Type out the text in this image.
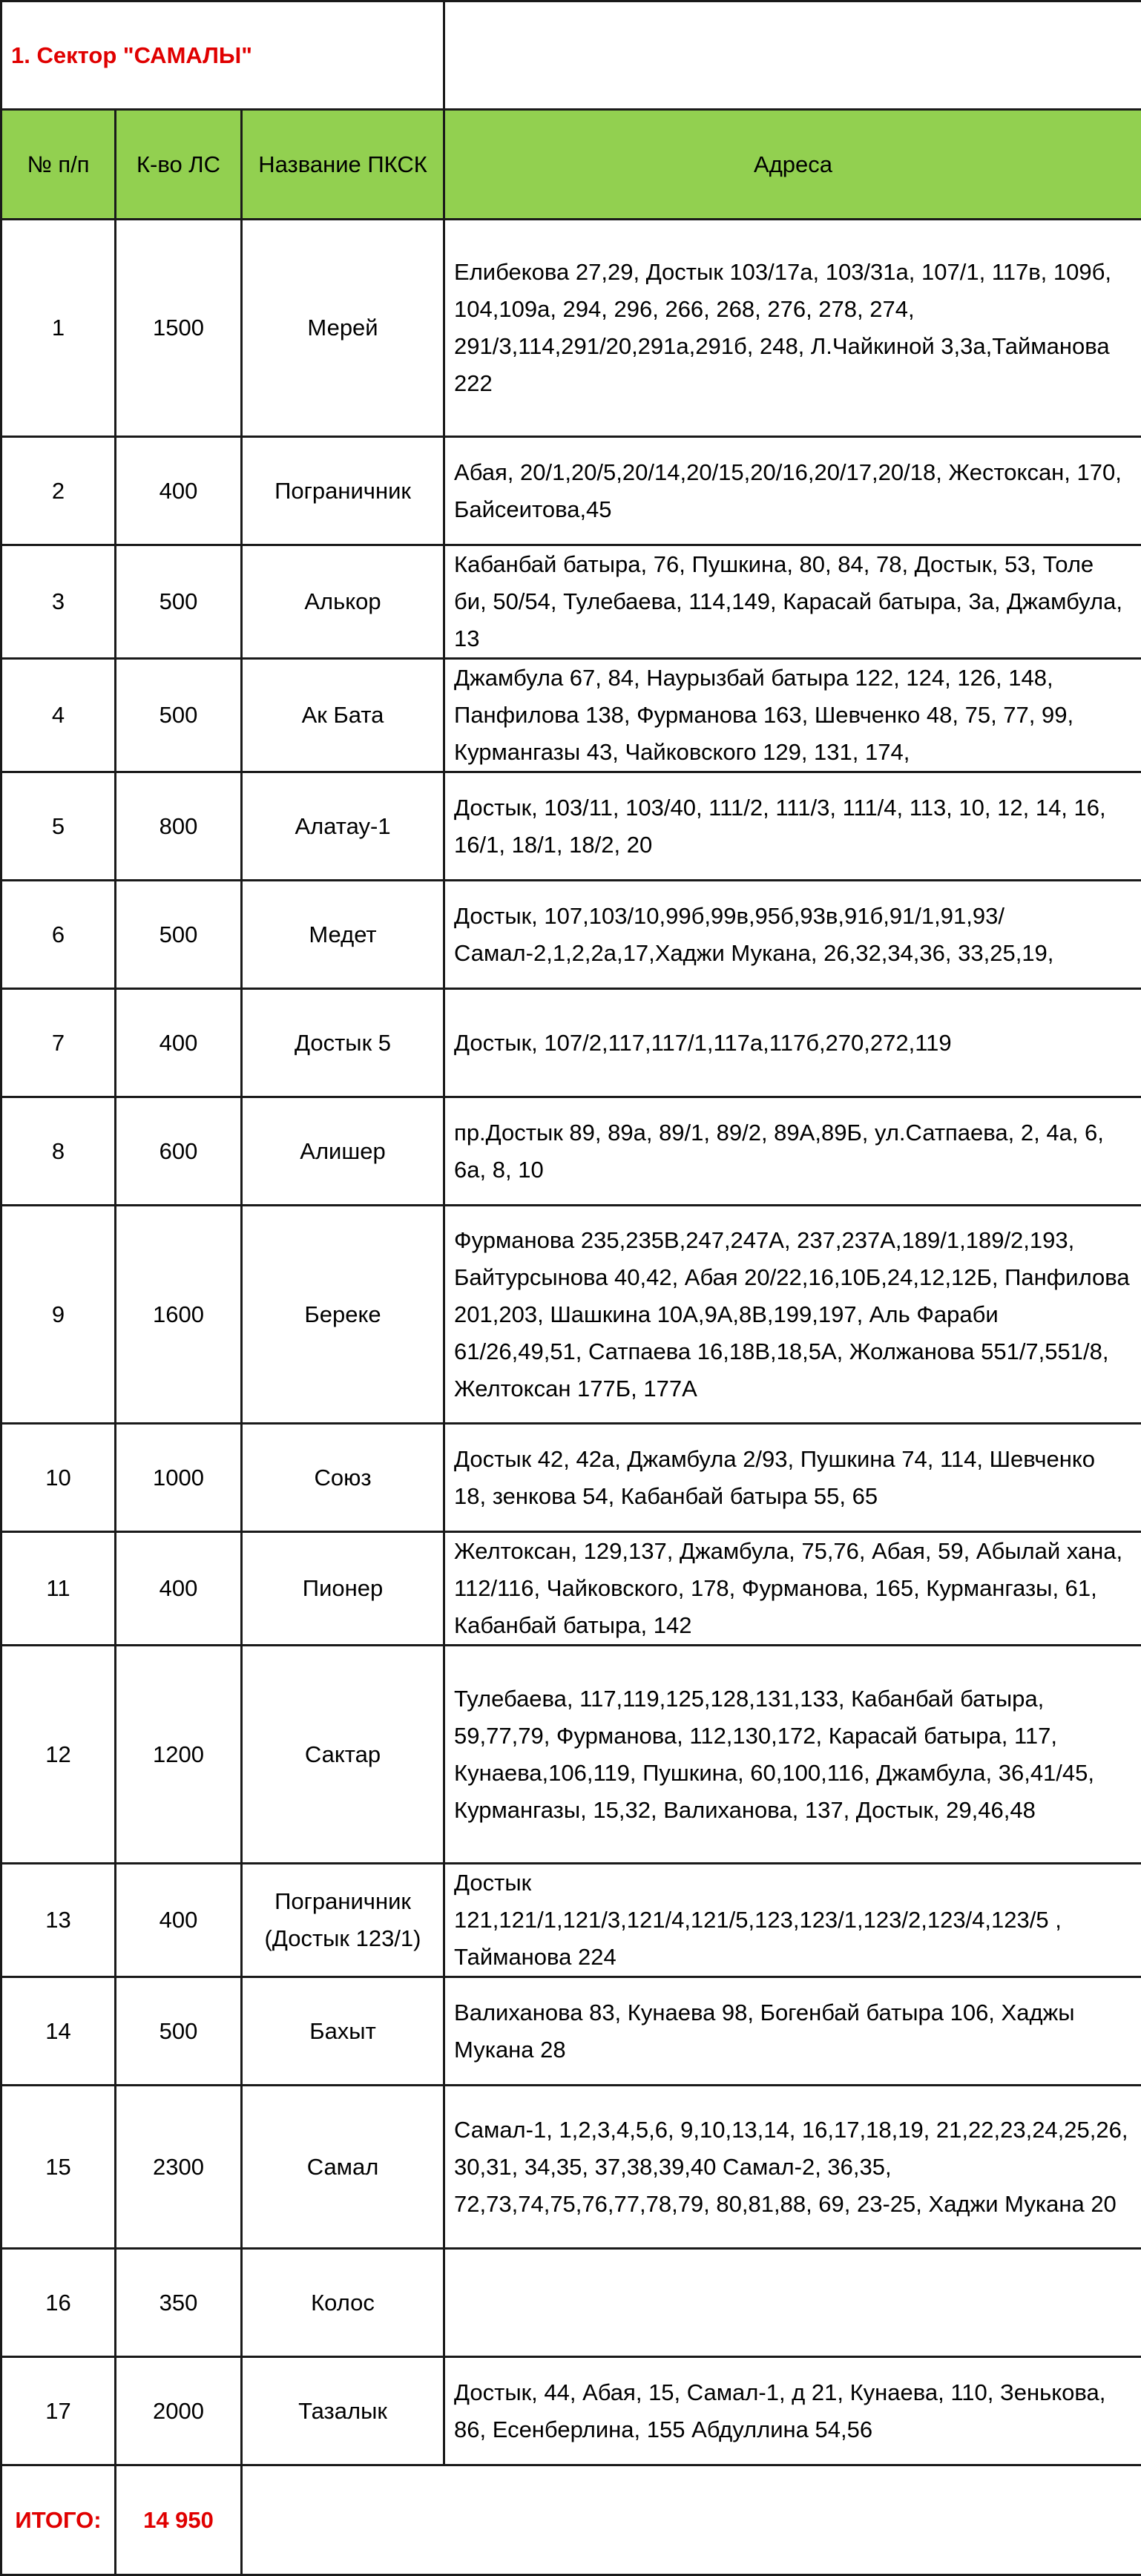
1. Сектор "САМАЛЫ"			
№ п/п	К-во ЛС	Название ПКСК	Адреса
1	1500	Мерей	Елибекова 27,29, Достык 103/17а, 103/31а, 107/1, 117в, 109б, 104,109а, 294, 296, 266, 268, 276, 278, 274, 291/3,114,291/20,291а,291б, 248, Л.Чайкиной 3,3а,Тайманова 222
2	400	Пограничник	Абая, 20/1,20/5,20/14,20/15,20/16,20/17,20/18, Жестоксан, 170, Байсеитова,45
3	500	Алькор	Кабанбай батыра, 76, Пушкина, 80, 84, 78, Достык, 53, Толе би, 50/54, Тулебаева, 114,149, Карасай батыра, 3а, Джамбула, 13
4	500	Ак Бата	Джамбула 67, 84, Наурызбай батыра 122, 124, 126, 148, Панфилова 138, Фурманова 163, Шевченко 48, 75, 77, 99, Курмангазы 43, Чайковского 129, 131, 174,
5	800	Алатау-1	Достык, 103/11, 103/40, 111/2, 111/3, 111/4, 113, 10, 12, 14, 16, 16/1, 18/1, 18/2, 20
6	500	Медет	Достык, 107,103/10,99б,99в,95б,93в,91б,91/1,91,93/ Самал-2,1,2,2а,17,Хаджи Мукана, 26,32,34,36, 33,25,19,
7	400	Достык 5	Достык, 107/2,117,117/1,117а,117б,270,272,119
8	600	Алишер	пр.Достык 89, 89а, 89/1, 89/2, 89А,89Б, ул.Сатпаева, 2, 4а, 6, 6а, 8, 10
9	1600	Береке	Фурманова 235,235В,247,247А, 237,237А,189/1,189/2,193, Байтурсынова 40,42, Абая 20/22,16,10Б,24,12,12Б, Панфилова 201,203, Шашкина 10А,9А,8В,199,197, Аль Фараби 61/26,49,51, Сатпаева 16,18В,18,5А, Жолжанова 551/7,551/8, Желтоксан 177Б, 177А
10	1000	Союз	Достык 42, 42а, Джамбула 2/93, Пушкина 74, 114, Шевченко 18, зенкова 54, Кабанбай батыра 55, 65
11	400	Пионер	Желтоксан, 129,137, Джамбула, 75,76, Абая, 59, Абылай хана, 112/116, Чайковского, 178, Фурманова, 165, Курмангазы, 61, Кабанбай батыра, 142
12	1200	Сактар	Тулебаева, 117,119,125,128,131,133, Кабанбай батыра, 59,77,79, Фурманова, 112,130,172, Карасай батыра, 117, Кунаева,106,119, Пушкина, 60,100,116, Джамбула, 36,41/45, Курмангазы, 15,32, Валиханова, 137, Достык, 29,46,48
13	400	Пограничник (Достык 123/1)	Достык 121,121/1,121/3,121/4,121/5,123,123/1,123/2,123/4,123/5 , Тайманова 224
14	500	Бахыт	Валиханова 83, Кунаева 98, Богенбай батыра 106, Хаджы Мукана 28
15	2300	Самал	Самал-1, 1,2,3,4,5,6, 9,10,13,14, 16,17,18,19, 21,22,23,24,25,26, 30,31, 34,35, 37,38,39,40 Самал-2, 36,35, 72,73,74,75,76,77,78,79, 80,81,88, 69, 23-25, Хаджи Мукана 20
16	350	Колос	
17	2000	Тазалык	Достык, 44, Абая, 15, Самал-1, д 21, Кунаева, 110, Зенькова, 86, Есенберлина, 155 Абдуллина 54,56
ИТОГО:	14 950		
